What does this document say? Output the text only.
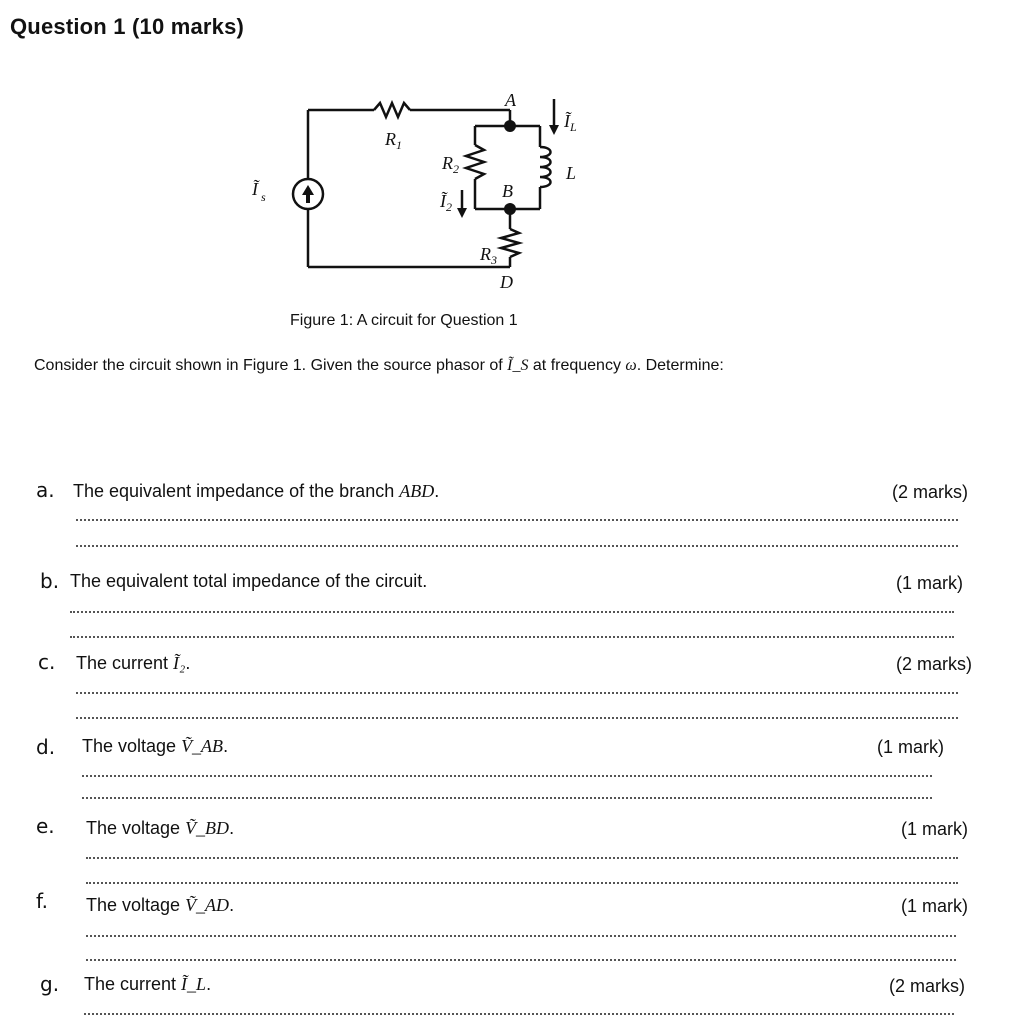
Question 1 (10 marks)
Ĩ s
$R_1$
$R_2$
$R_3$
$Ĩ_2$
A
B
D
$Ĩ_L$
L
Figure 1: A circuit for Question 1
Consider the circuit shown in Figure 1. Given the source phasor of Ĩ_S at frequency ω. Determine:
a. The equivalent impedance of the branch ABD.	(2 marks)
b. The equivalent total impedance of the circuit.	(1 mark)
c. The current Ĩ₂.	(2 marks)
d. The voltage Ṽ_AB.	(1 mark)
e. The voltage Ṽ_BD.	(1 mark)
f. The voltage Ṽ_AD.	(1 mark)
g. The current Ĩ_L.	(2 marks)
